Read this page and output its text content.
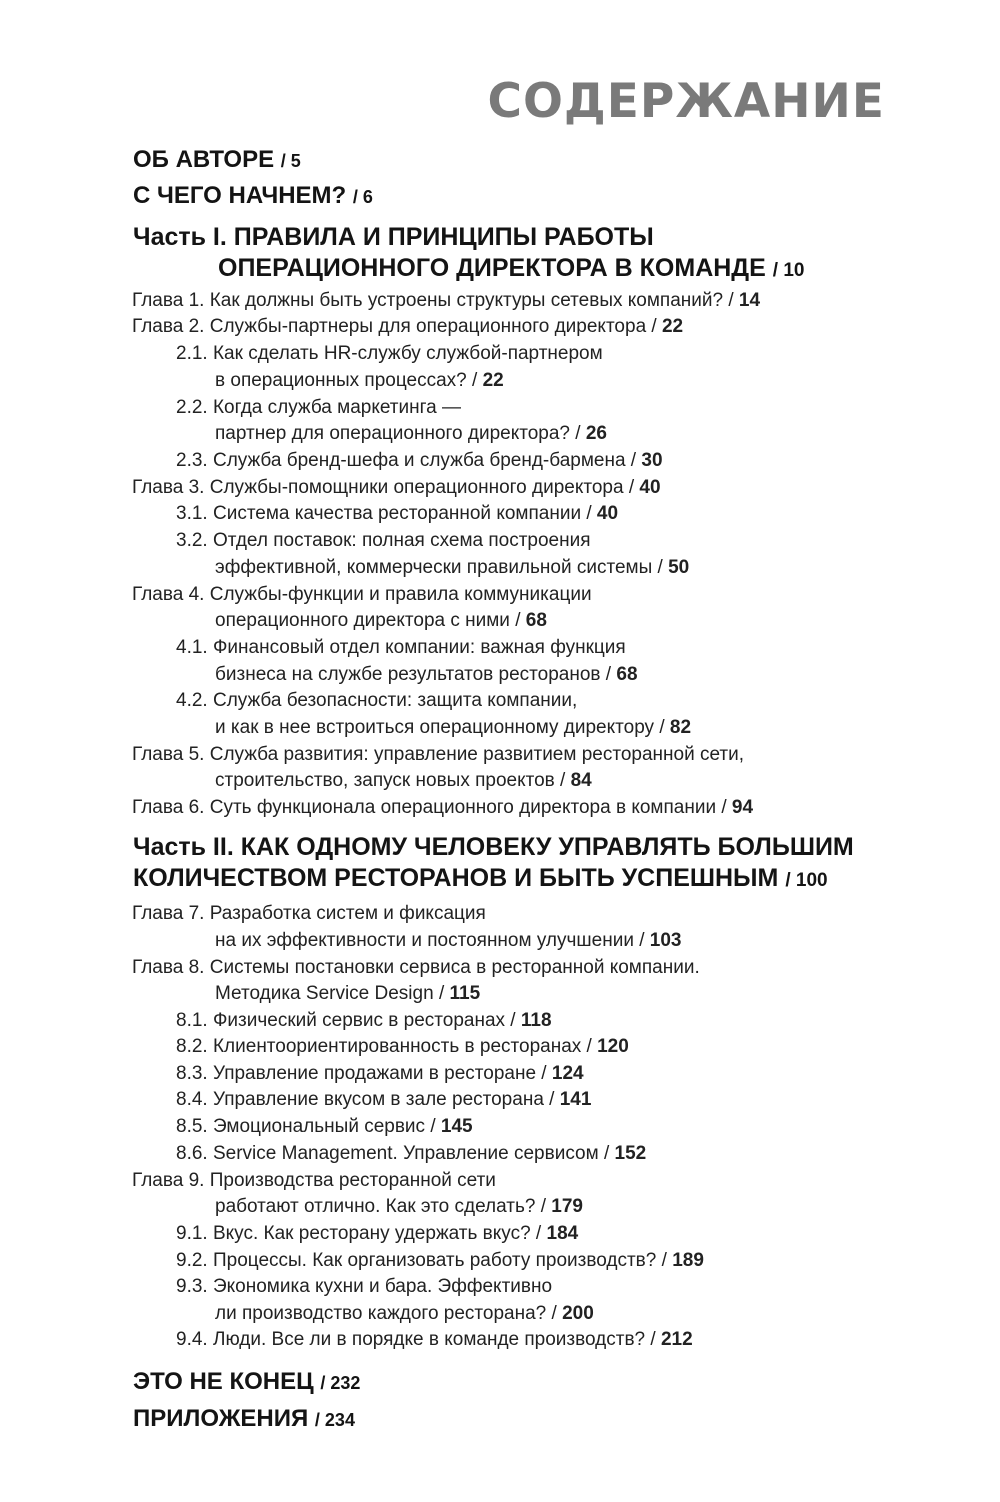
СОДЕРЖАНИЕ
ОБ АВТОРЕ / 5
С ЧЕГО НАЧНЕМ? / 6
Часть I. ПРАВИЛА И ПРИНЦИПЫ РАБОТЫ
ОПЕРАЦИОННОГО ДИРЕКТОРА В КОМАНДЕ / 10
Глава 1. Как должны быть устроены структуры сетевых компаний? / 14
Глава 2. Службы-партнеры для операционного директора / 22
2.1. Как сделать HR-службу службой-партнером
в операционных процессах? / 22
2.2. Когда служба маркетинга —
партнер для операционного директора? / 26
2.3. Служба бренд-шефа и служба бренд-бармена / 30
Глава 3. Службы-помощники операционного директора / 40
3.1. Система качества ресторанной компании / 40
3.2. Отдел поставок: полная схема построения
эффективной, коммерчески правильной системы / 50
Глава 4. Службы-функции и правила коммуникации
операционного директора с ними / 68
4.1. Финансовый отдел компании: важная функция
бизнеса на службе результатов ресторанов / 68
4.2. Служба безопасности: защита компании,
и как в нее встроиться операционному директору / 82
Глава 5. Служба развития: управление развитием ресторанной сети,
строительство, запуск новых проектов / 84
Глава 6. Суть функционала операционного директора в компании / 94
Часть II. КАК ОДНОМУ ЧЕЛОВЕКУ УПРАВЛЯТЬ БОЛЬШИМ
КОЛИЧЕСТВОМ РЕСТОРАНОВ И БЫТЬ УСПЕШНЫМ / 100
Глава 7. Разработка систем и фиксация
на их эффективности и постоянном улучшении / 103
Глава 8. Системы постановки сервиса в ресторанной компании.
Методика Service Design / 115
8.1. Физический сервис в ресторанах / 118
8.2. Клиентоориентированность в ресторанах / 120
8.3. Управление продажами в ресторане / 124
8.4. Управление вкусом в зале ресторана / 141
8.5. Эмоциональный сервис / 145
8.6. Service Management. Управление сервисом / 152
Глава 9. Производства ресторанной сети
работают отлично. Как это сделать? / 179
9.1. Вкус. Как ресторану удержать вкус? / 184
9.2. Процессы. Как организовать работу производств? / 189
9.3. Экономика кухни и бара. Эффективно
ли производство каждого ресторана? / 200
9.4. Люди. Все ли в порядке в команде производств? / 212
ЭТО НЕ КОНЕЦ / 232
ПРИЛОЖЕНИЯ / 234
